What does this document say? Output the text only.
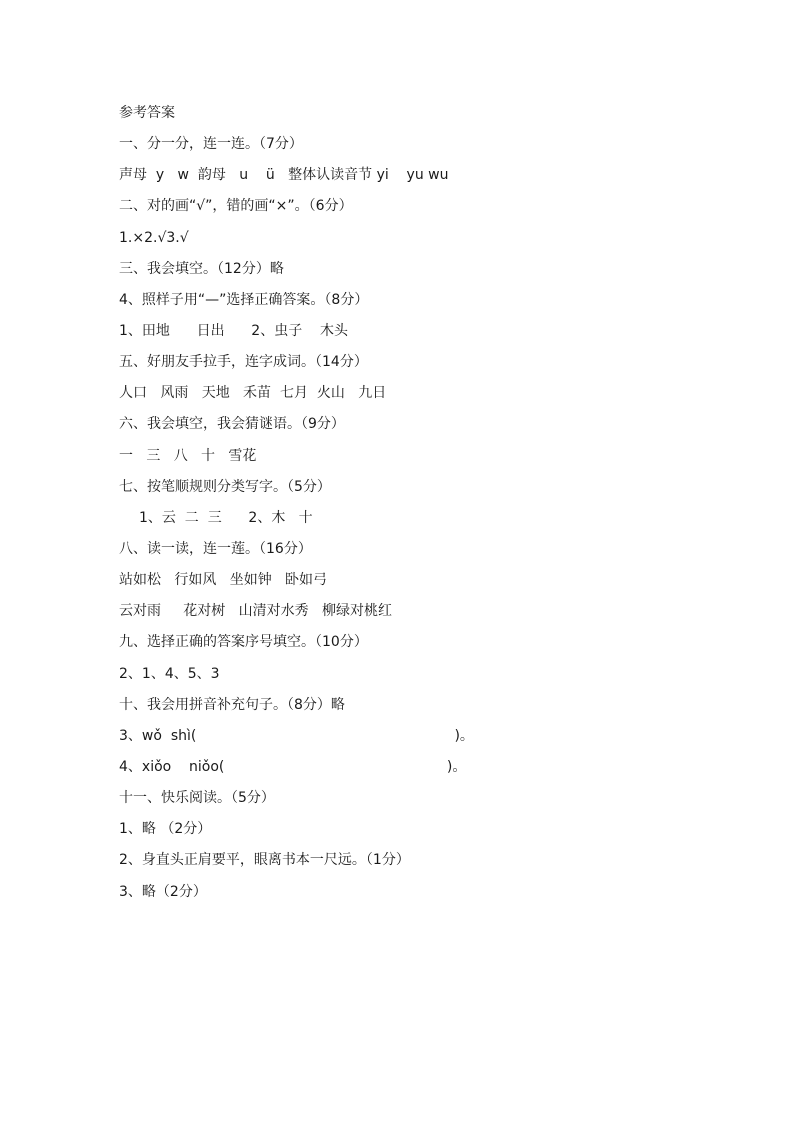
参考答案
一、分一分，连一连。（7分）
声母  y   w  韵母   u    ü   整体认读音节 yi    yu wu
二、对的画“√”，错的画“×”。（6分）
1.×2.√3.√
三、我会填空。（12分）略
4、照样子用“—”选择正确答案。（8分）
1、田地      日出      2、虫子    木头
五、好朋友手拉手，连字成词。（14分）
人口   风雨   天地   禾苗  七月  火山   九日
六、我会填空，我会猜谜语。（9分）
一   三   八   十   雪花
七、按笔顺规则分类写字。（5分）
1、云  二  三      2、木   十
八、读一读，连一莲。（16分）
站如松   行如风   坐如钟   卧如弓
云对雨     花对树   山清对水秀   柳绿对桃红
九、选择正确的答案序号填空。（10分）
2、1、4、5、3
十、我会用拼音补充句子。（8分）略
3、wǒ  shì(                                                          )。
4、xiǒo    niǒo(                                                  )。
十一、快乐阅读。（5分）
1、略 （2分）
2、身直头正肩要平，眼离书本一尺远。（1分）
3、略（2分）
